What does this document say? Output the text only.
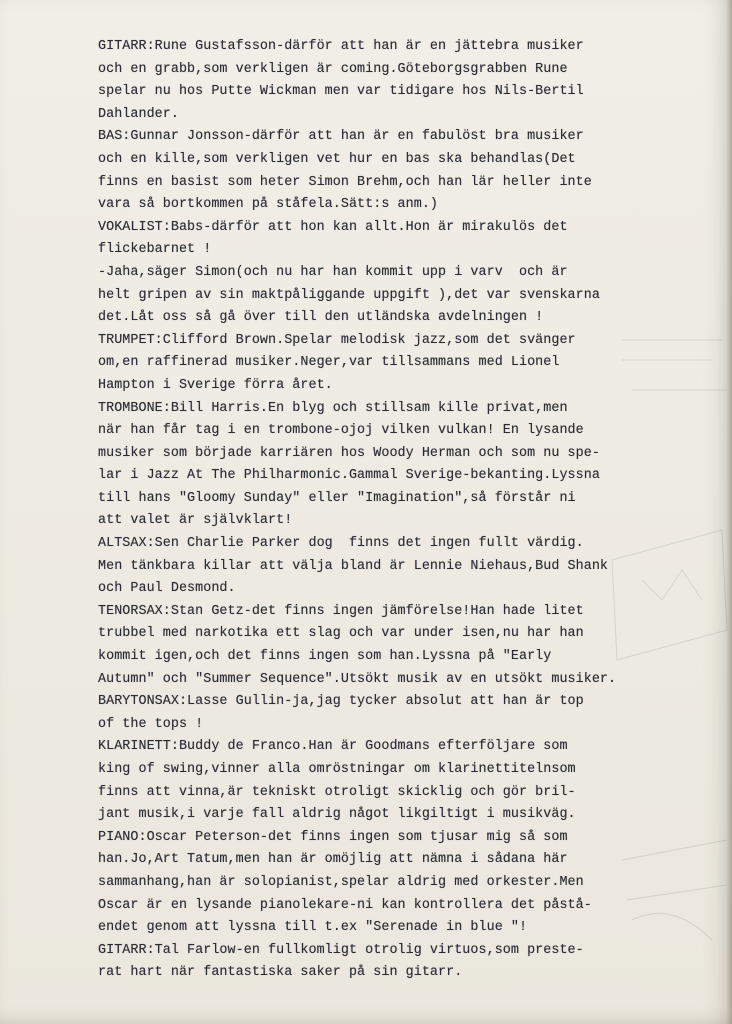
GITARR:Rune Gustafsson-därför att han är en jättebra musiker
och en grabb,som verkligen är coming.Göteborgsgrabben Rune
spelar nu hos Putte Wickman men var tidigare hos Nils-Bertil
Dahlander.
BAS:Gunnar Jonsson-därför att han är en fabulöst bra musiker
och en kille,som verkligen vet hur en bas ska behandlas(Det
finns en basist som heter Simon Brehm,och han lär heller inte
vara så bortkommen på ståfela.Sätt:s anm.)
VOKALIST:Babs-därför att hon kan allt.Hon är mirakulös det
flickebarnet !
-Jaha,säger Simon(och nu har han kommit upp i varv  och är
helt gripen av sin maktpåliggande uppgift ),det var svenskarna
det.Låt oss så gå över till den utländska avdelningen !
TRUMPET:Clifford Brown.Spelar melodisk jazz,som det svänger
om,en raffinerad musiker.Neger,var tillsammans med Lionel
Hampton i Sverige förra året.
TROMBONE:Bill Harris.En blyg och stillsam kille privat,men
när han får tag i en trombone-ojoj vilken vulkan! En lysande
musiker som började karriären hos Woody Herman och som nu spe-
lar i Jazz At The Philharmonic.Gammal Sverige-bekanting.Lyssna
till hans "Gloomy Sunday" eller "Imagination",så förstår ni
att valet är självklart!
ALTSAX:Sen Charlie Parker dog  finns det ingen fullt värdig.
Men tänkbara killar att välja bland är Lennie Niehaus,Bud Shank
och Paul Desmond.
TENORSAX:Stan Getz-det finns ingen jämförelse!Han hade litet
trubbel med narkotika ett slag och var under isen,nu har han
kommit igen,och det finns ingen som han.Lyssna på "Early
Autumn" och "Summer Sequence".Utsökt musik av en utsökt musiker.
BARYTONSAX:Lasse Gullin-ja,jag tycker absolut att han är top
of the tops !
KLARINETT:Buddy de Franco.Han är Goodmans efterföljare som
king of swing,vinner alla omröstningar om klarinettitelnsom
finns att vinna,är tekniskt otroligt skicklig och gör bril-
jant musik,i varje fall aldrig något likgiltigt i musikväg.
PIANO:Oscar Peterson-det finns ingen som tjusar mig så som
han.Jo,Art Tatum,men han är omöjlig att nämna i sådana här
sammanhang,han är solopianist,spelar aldrig med orkester.Men
Oscar är en lysande pianolekare-ni kan kontrollera det påstå-
endet genom att lyssna till t.ex "Serenade in blue "!
GITARR:Tal Farlow-en fullkomligt otrolig virtuos,som preste-
rat hart när fantastiska saker på sin gitarr.
